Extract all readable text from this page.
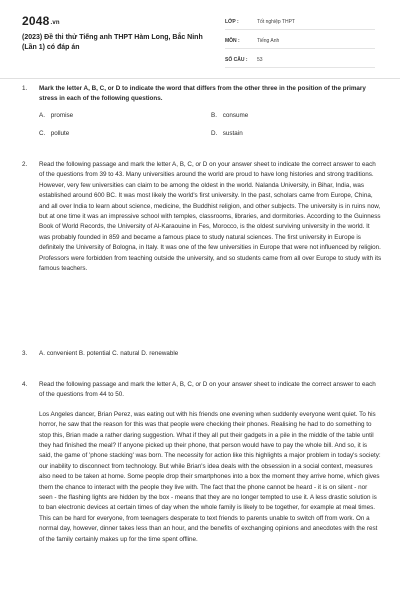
2048.vn
(2023) Đề thi thử Tiếng anh THPT Hàm Long, Bắc Ninh (Lần 1) có đáp án
LỚP :	Tốt nghiệp THPT
MÔN :	Tiếng Anh
SỐ CÂU :	53
1. Mark the letter A, B, C, or D to indicate the word that differs from the other three in the position of the primary stress in each of the following questions.
A. promise	B. consume
C. pollute	D. sustain
2. Read the following passage and mark the letter A, B, C, or D on your answer sheet to indicate the correct answer to each of the questions from 39 to 43. Many universities around the world are proud to have long histories and strong traditions. However, very few universities can claim to be among the oldest in the world. Nalanda University, in Bihar, India, was established around 600 BC. It was most likely the world's first university. In the past, scholars came from Europe, China, and all over India to learn about science, medicine, the Buddhist religion, and other subjects. The university is in ruins now, but at one time it was an impressive school with temples, classrooms, libraries, and dormitories. According to the Guinness Book of World Records, the University of Al-Karaouine in Fes, Morocco, is the oldest surviving university in the world. It was probably founded in 859 and became a famous place to study natural sciences. The first university in Europe is definitely the University of Bologna, in Italy. It was one of the few universities in Europe that were not influenced by religion. Professors were forbidden from teaching outside the university, and so students came from all over Europe to study with its famous teachers.
3. A. convenient B. potential C. natural D. renewable
4. Read the following passage and mark the letter A, B, C, or D on your answer sheet to indicate the correct answer to each of the questions from 44 to 50.
Los Angeles dancer, Brian Perez, was eating out with his friends one evening when suddenly everyone went quiet. To his horror, he saw that the reason for this was that people were checking their phones. Realising he had to do something to stop this, Brian made a rather daring suggestion. What if they all put their gadgets in a pile in the middle of the table until they had finished the meal? If anyone picked up their phone, that person would have to pay the whole bill. And so, it is said, the game of 'phone stacking' was born. The necessity for action like this highlights a major problem in today's society: our inability to disconnect from technology. But while Brian's idea deals with the obsession in a social context, measures also need to be taken at home. Some people drop their smartphones into a box the moment they arrive home, which gives them the chance to interact with the people they live with. The fact that the phone cannot be heard - it is on silent - nor seen - the flashing lights are hidden by the box - means that they are no longer tempted to use it. A less drastic solution is to ban electronic devices at certain times of day when the whole family is likely to be together, for example at meal times. This can be hard for everyone, from teenagers desperate to text friends to parents unable to switch off from work. On a normal day, however, dinner takes less than an hour, and the benefits of exchanging opinions and anecdotes with the rest of the family certainly makes up for the time spent offline.
